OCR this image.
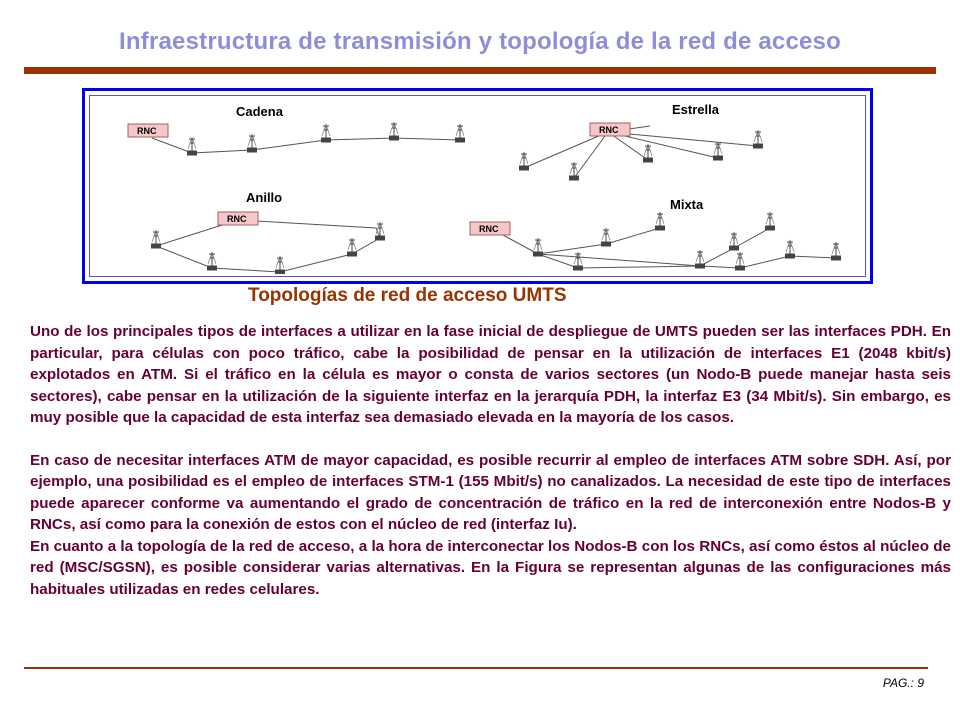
Infraestructura de transmisión y topología de la red de acceso
Cadena
RNC
Estrella
RNC
Anillo
RNC
Mixta
RNC
Topologías de red de acceso UMTS

Uno de los principales tipos de interfaces a utilizar en la fase inicial de despliegue de UMTS pueden ser las interfaces PDH. En particular, para células con poco tráfico, cabe la posibilidad de pensar en la utilización de interfaces E1 (2048 kbit/s) explotados en ATM. Si el tráfico en la célula es mayor o consta de varios sectores (un Nodo-B puede manejar hasta seis sectores), cabe pensar en la utilización de la siguiente interfaz en la jerarquía PDH, la interfaz E3 (34 Mbit/s). Sin embargo, es muy posible que la capacidad de esta interfaz sea demasiado elevada en la mayoría de los casos.

En caso de necesitar interfaces ATM de mayor capacidad, es posible recurrir al empleo de interfaces ATM sobre SDH. Así, por ejemplo, una posibilidad es el empleo de interfaces STM-1 (155 Mbit/s) no canalizados. La necesidad de este tipo de interfaces puede aparecer conforme va aumentando el grado de concentración de tráfico en la red de interconexión entre Nodos-B y RNCs, así como para la conexión de estos con el núcleo de red (interfaz Iu).

En cuanto a la topología de la red de acceso, a la hora de interconectar los Nodos-B con los RNCs, así como éstos al núcleo de red (MSC/SGSN), es posible considerar varias alternativas. En la Figura se representan algunas de las configuraciones más habituales utilizadas en redes celulares.

PAG.: 9
